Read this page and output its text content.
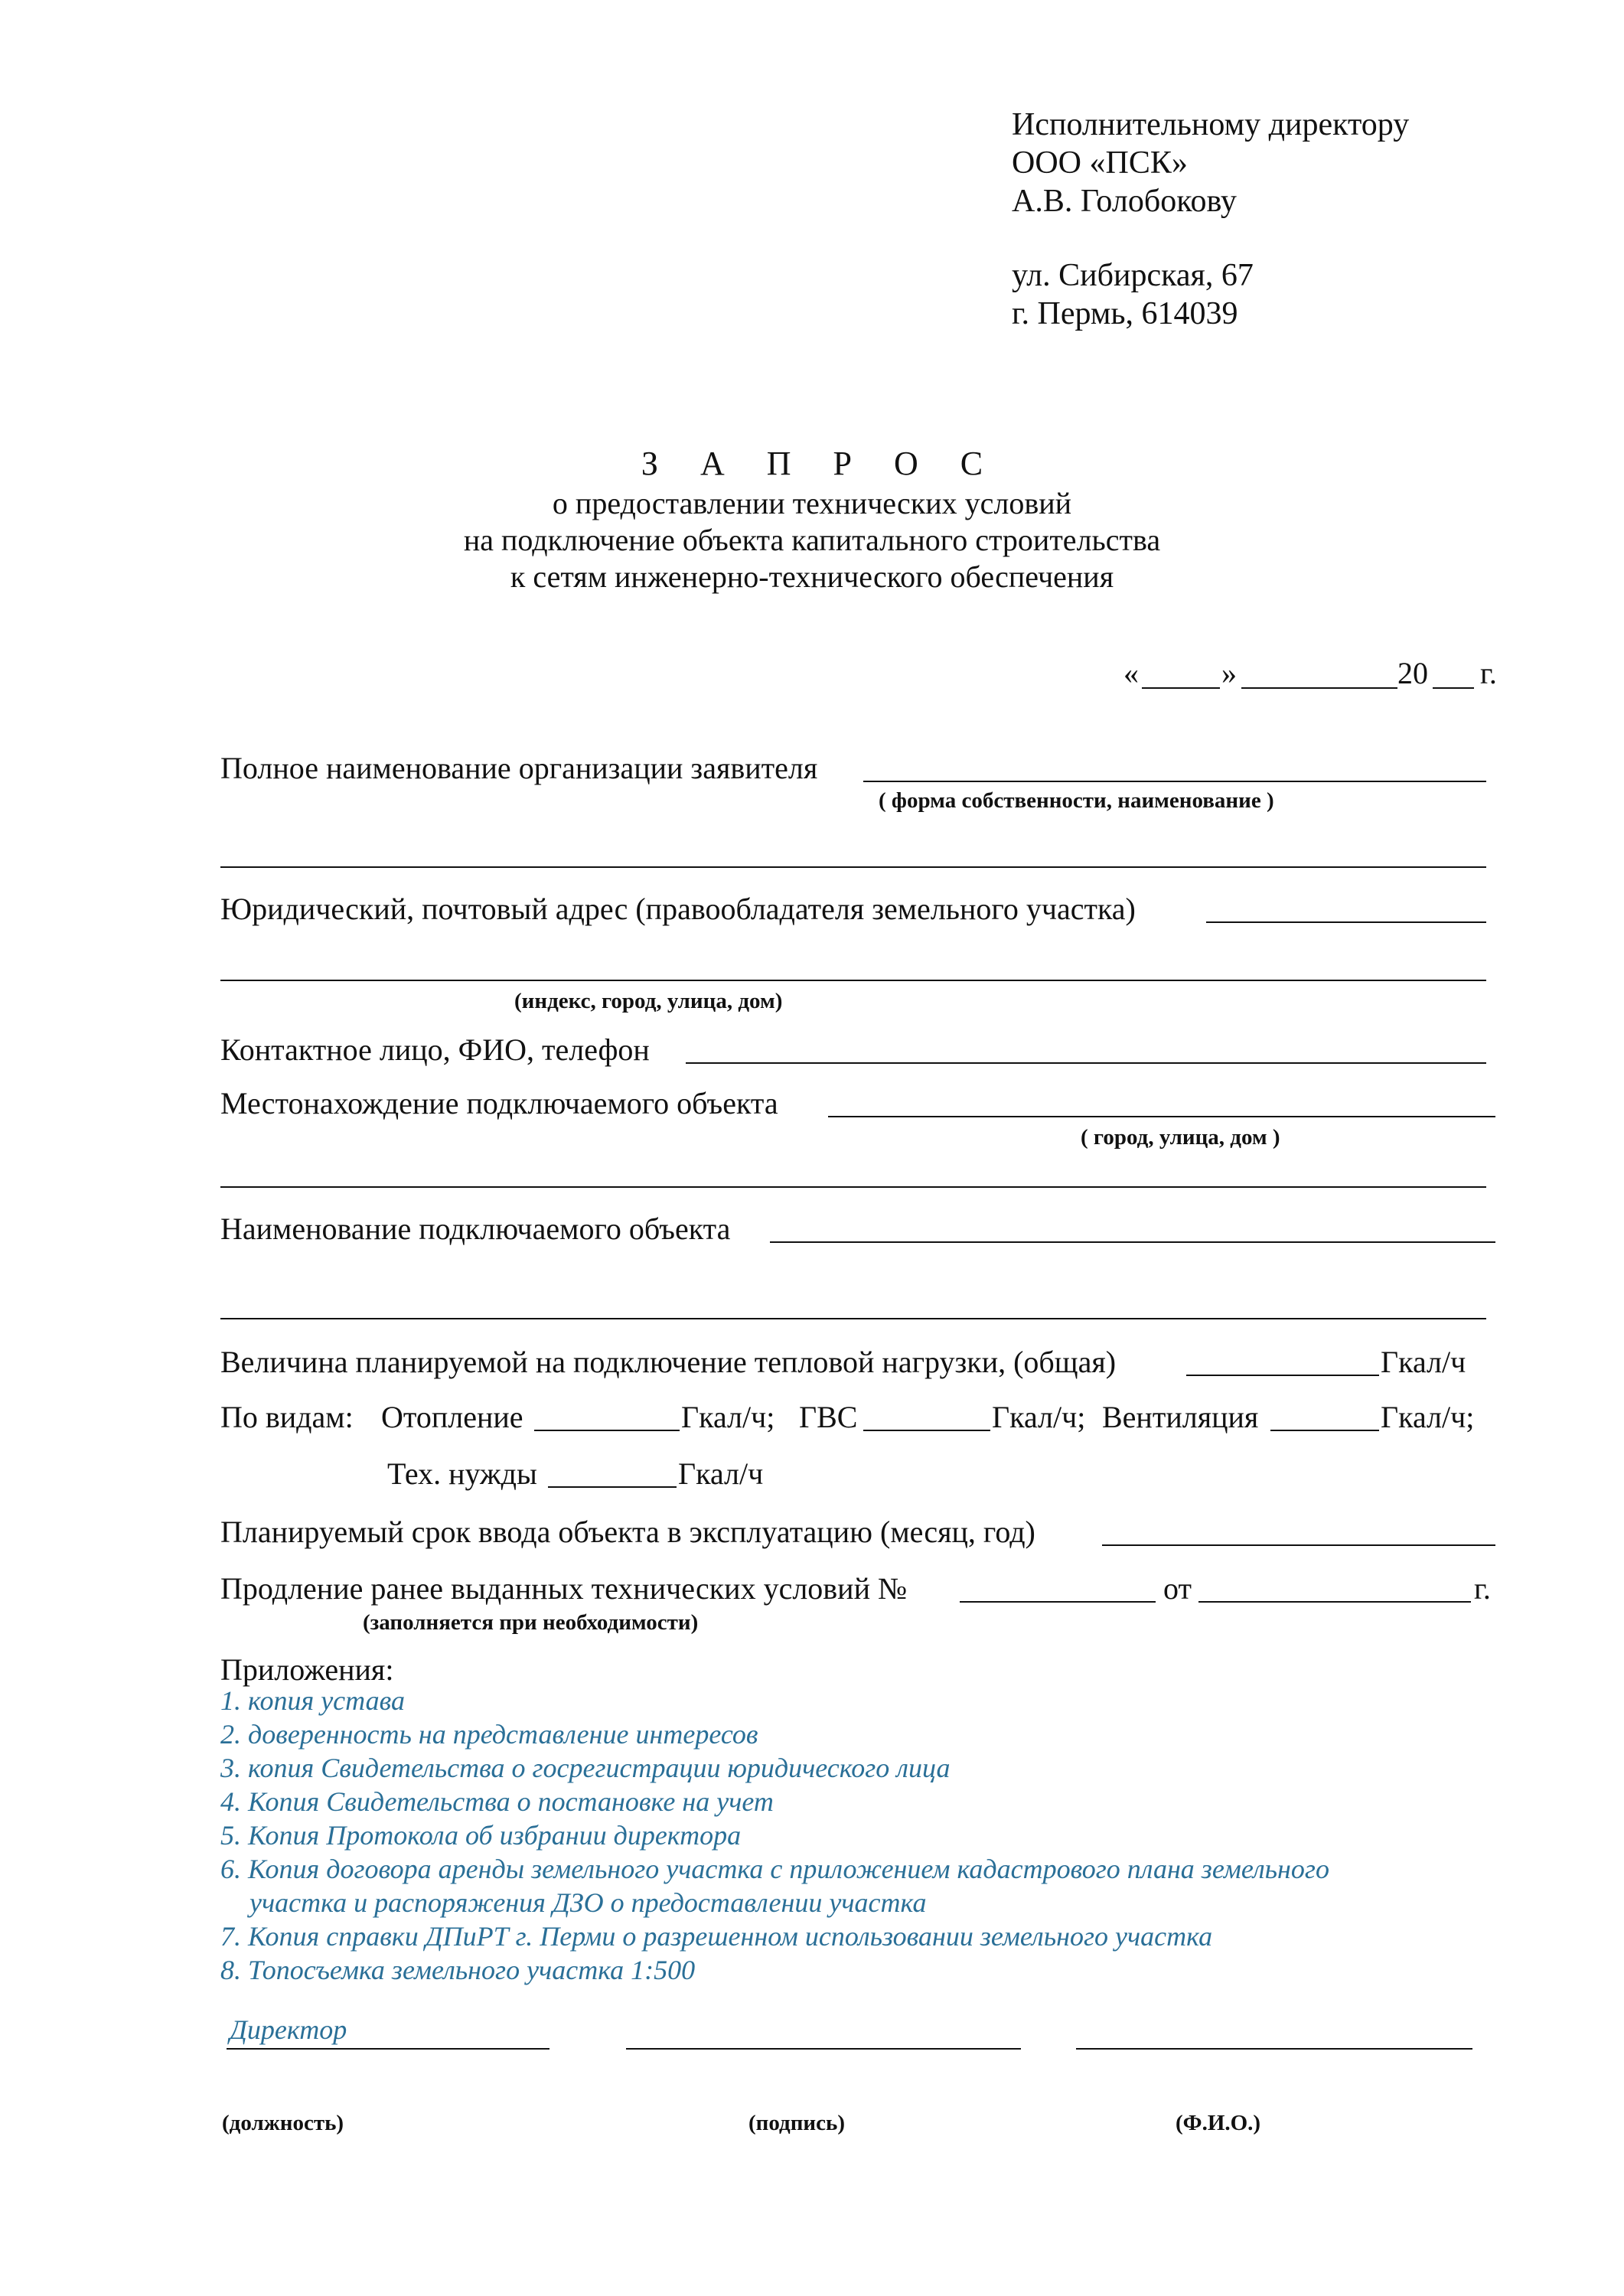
Исполнительному директору
ООО «ПСК»
А.В. Голобокову
ул. Сибирская, 67
г. Пермь, 614039
З А П Р О С
о предоставлении технических условий
на подключение объекта капитального строительства
к сетям инженерно-технического обеспечения
«	»	20 г.
Полное наименование организации заявителя
( форма собственности, наименование )
Юридический, почтовый адрес (правообладателя земельного участка)
(индекс, город, улица, дом)
Контактное лицо, ФИО, телефон
Местонахождение подключаемого объекта
( город, улица, дом )
Наименование подключаемого объекта
Величина планируемой на подключение тепловой нагрузки, (общая)	Гкал/ч
По видам: Отопление	Гкал/ч; ГВС	Гкал/ч; Вентиляция	Гкал/ч;
Тех. нужды	Гкал/ч
Планируемый срок ввода объекта в эксплуатацию (месяц, год)
Продление ранее выданных технических условий №	от	г.
(заполняется при необходимости)
Приложения:
1. копия устава
2. доверенность на представление интересов
3. копия Свидетельства о госрегистрации юридического лица
4. Копия Свидетельства о постановке на учет
5. Копия Протокола об избрании директора
6. Копия договора аренды земельного участка с приложением кадастрового плана земельного
участка и распоряжения ДЗО о предоставлении участка
7. Копия справки ДПиРТ г. Перми о разрешенном использовании земельного участка
8. Топосъемка земельного участка 1:500
Директор
(должность)	(подпись)	(Ф.И.О.)
